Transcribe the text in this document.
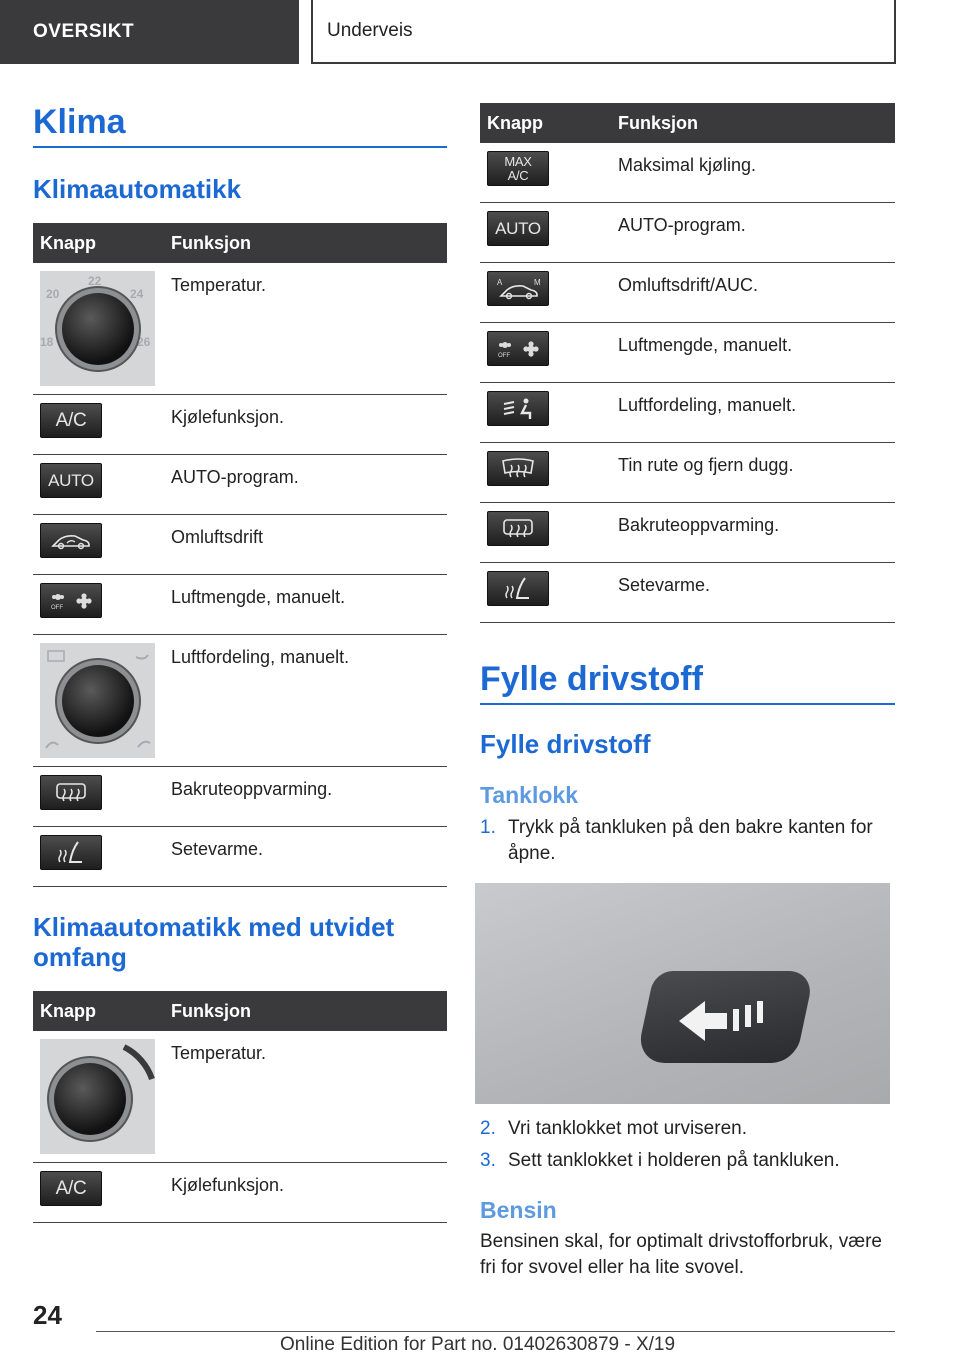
OVERSIKT	Underveis
Klima
Klimaautomatikk
Knapp	Funksjon

22
20 24
18 26	Temperatur.

A/C	Kjølefunksjon.

AUTO	AUTO-program.

	Omluftsdrift

OFF	Luftmengde, manuelt.

	Luftfordeling, manuelt.

	Bakruteoppvarming.

	Setevarme.
Klimaautomatikk med utvidet omfang
Knapp	Funksjon

	Temperatur.

A/C	Kjølefunksjon.
Knapp	Funksjon

MAX A/C	Maksimal kjøling.

AUTO	AUTO-program.

A M	Omluftsdrift/AUC.

OFF	Luftmengde, manuelt.

	Luftfordeling, manuelt.

	Tin rute og fjern dugg.

	Bakruteoppvarming.

	Setevarme.
Fylle drivstoff
Fylle drivstoff
Tanklokk
1. Trykk på tankluken på den bakre kanten for åpne.
2. Vri tanklokket mot urviseren.
3. Sett tanklokket i holderen på tankluken.
Bensin

Bensinen skal, for optimalt drivstofforbruk, være fri for svovel eller ha lite svovel.

24
Online Edition for Part no. 01402630879 - X/19
